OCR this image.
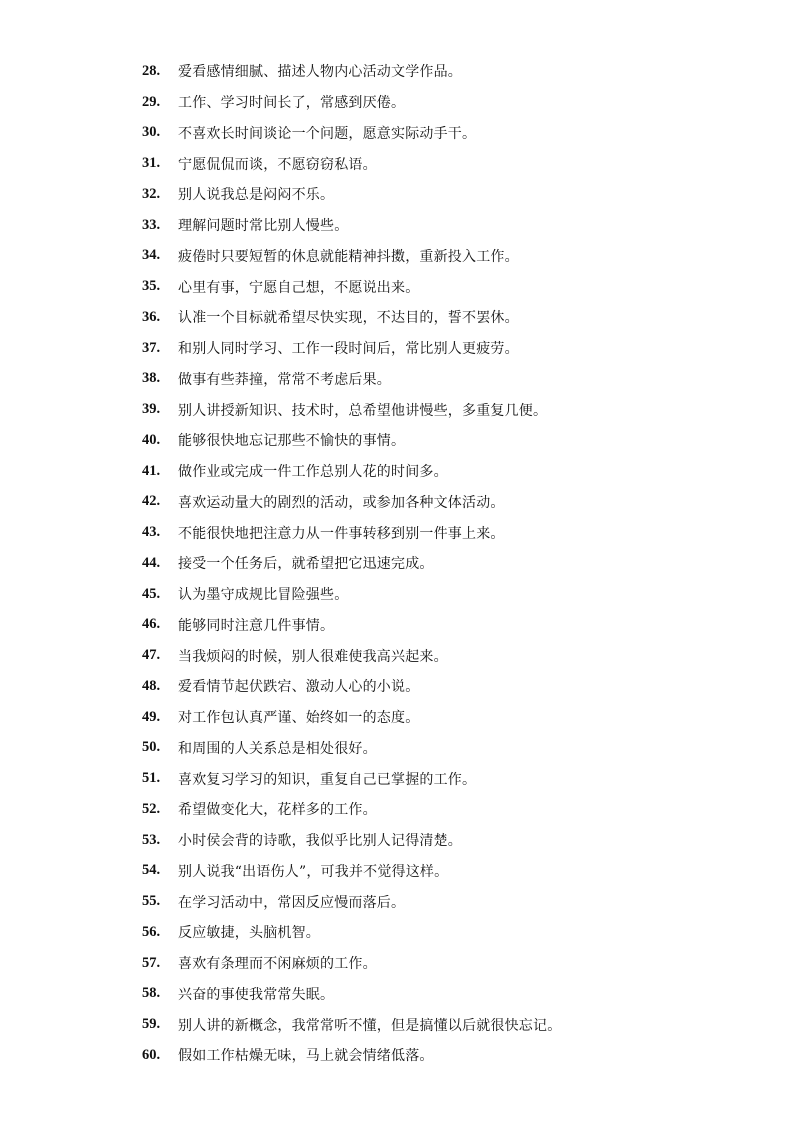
28.	爱看感情细腻、描述人物内心活动文学作品。
29.	工作、学习时间长了，常感到厌倦。
30.	不喜欢长时间谈论一个问题，愿意实际动手干。
31.	宁愿侃侃而谈，不愿窃窃私语。
32.	别人说我总是闷闷不乐。
33.	理解问题时常比别人慢些。
34.	疲倦时只要短暂的休息就能精神抖擞，重新投入工作。
35.	心里有事，宁愿自己想，不愿说出来。
36.	认准一个目标就希望尽快实现，不达目的，誓不罢休。
37.	和别人同时学习、工作一段时间后，常比别人更疲劳。
38.	做事有些莽撞，常常不考虑后果。
39.	别人讲授新知识、技术时，总希望他讲慢些，多重复几便。
40.	能够很快地忘记那些不愉快的事情。
41.	做作业或完成一件工作总别人花的时间多。
42.	喜欢运动量大的剧烈的活动，或参加各种文体活动。
43.	不能很快地把注意力从一件事转移到别一件事上来。
44.	接受一个任务后，就希望把它迅速完成。
45.	认为墨守成规比冒险强些。
46.	能够同时注意几件事情。
47.	当我烦闷的时候，别人很难使我高兴起来。
48.	爱看情节起伏跌宕、激动人心的小说。
49.	对工作包认真严谨、始终如一的态度。
50.	和周围的人关系总是相处很好。
51.	喜欢复习学习的知识，重复自己已掌握的工作。
52.	希望做变化大，花样多的工作。
53.	小时侯会背的诗歌，我似乎比别人记得清楚。
54.	别人说我“出语伤人”，可我并不觉得这样。
55.	在学习活动中，常因反应慢而落后。
56.	反应敏捷，头脑机智。
57.	喜欢有条理而不闲麻烦的工作。
58.	兴奋的事使我常常失眠。
59.	别人讲的新概念，我常常听不懂，但是搞懂以后就很快忘记。
60.	假如工作枯燥无味，马上就会情绪低落。
